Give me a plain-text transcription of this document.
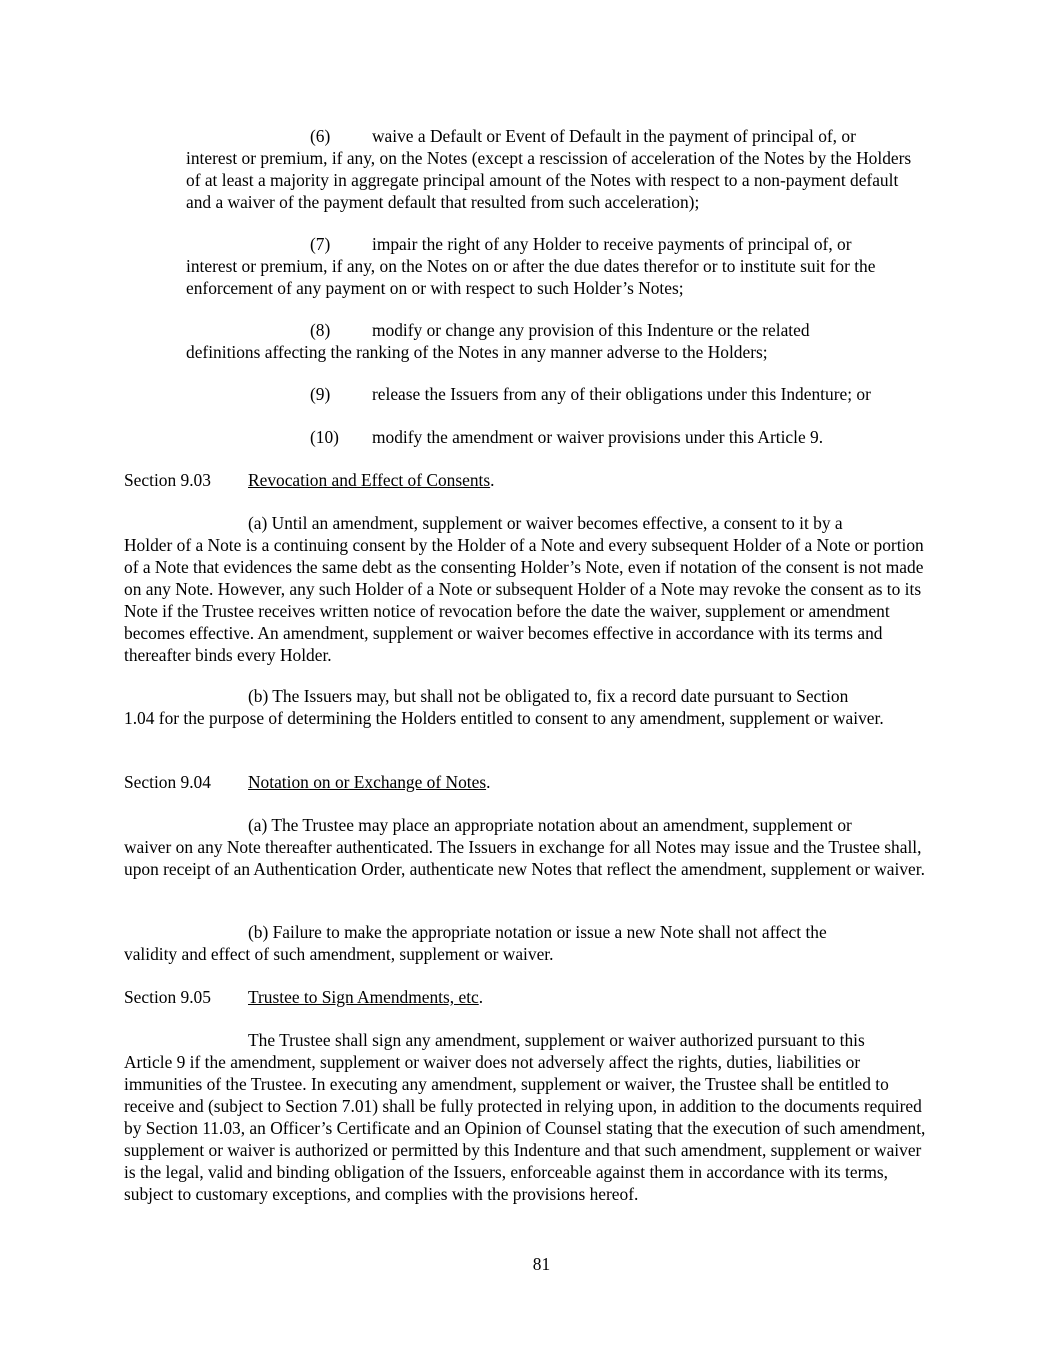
(6) waive a Default or Event of Default in the payment of principal of, or
interest or premium, if any, on the Notes (except a rescission of acceleration of the Notes by the Holders of at least a majority in aggregate principal amount of the Notes with respect to a non-payment default and a waiver of the payment default that resulted from such acceleration);
(7) impair the right of any Holder to receive payments of principal of, or
interest or premium, if any, on the Notes on or after the due dates therefor or to institute suit for the enforcement of any payment on or with respect to such Holder’s Notes;
(8) modify or change any provision of this Indenture or the related
definitions affecting the ranking of the Notes in any manner adverse to the Holders;
(9) release the Issuers from any of their obligations under this Indenture; or
(10) modify the amendment or waiver provisions under this Article 9.
Section 9.03 Revocation and Effect of Consents.
(a) Until an amendment, supplement or waiver becomes effective, a consent to it by a
Holder of a Note is a continuing consent by the Holder of a Note and every subsequent Holder of a Note or portion of a Note that evidences the same debt as the consenting Holder’s Note, even if notation of the consent is not made on any Note. However, any such Holder of a Note or subsequent Holder of a Note may revoke the consent as to its Note if the Trustee receives written notice of revocation before the date the waiver, supplement or amendment becomes effective. An amendment, supplement or waiver becomes effective in accordance with its terms and thereafter binds every Holder.
(b) The Issuers may, but shall not be obligated to, fix a record date pursuant to Section
1.04 for the purpose of determining the Holders entitled to consent to any amendment, supplement or waiver.
Section 9.04 Notation on or Exchange of Notes.
(a) The Trustee may place an appropriate notation about an amendment, supplement or
waiver on any Note thereafter authenticated. The Issuers in exchange for all Notes may issue and the Trustee shall, upon receipt of an Authentication Order, authenticate new Notes that reflect the amendment, supplement or waiver.
(b) Failure to make the appropriate notation or issue a new Note shall not affect the
validity and effect of such amendment, supplement or waiver.
Section 9.05 Trustee to Sign Amendments, etc.
The Trustee shall sign any amendment, supplement or waiver authorized pursuant to this
Article 9 if the amendment, supplement or waiver does not adversely affect the rights, duties, liabilities or immunities of the Trustee. In executing any amendment, supplement or waiver, the Trustee shall be entitled to receive and (subject to Section 7.01) shall be fully protected in relying upon, in addition to the documents required by Section 11.03, an Officer’s Certificate and an Opinion of Counsel stating that the execution of such amendment, supplement or waiver is authorized or permitted by this Indenture and that such amendment, supplement or waiver is the legal, valid and binding obligation of the Issuers, enforceable against them in accordance with its terms, subject to customary exceptions, and complies with the provisions hereof.
81
